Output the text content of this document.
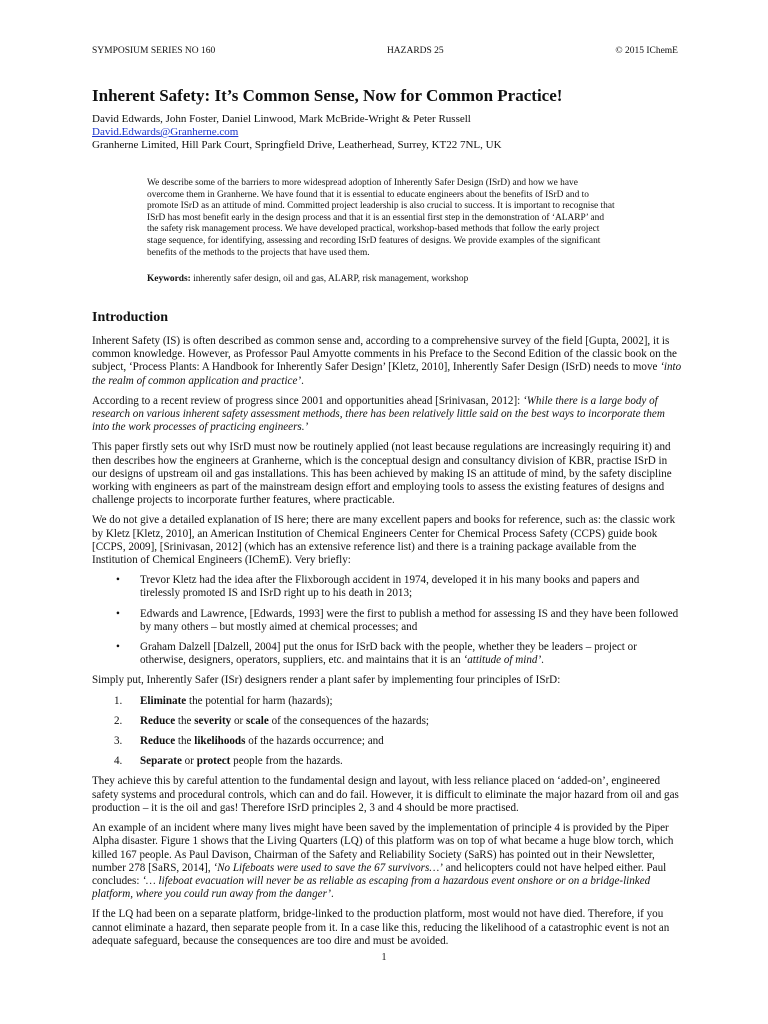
SYMPOSIUM SERIES NO 160	HAZARDS 25	© 2015 IChemE
Inherent Safety: It’s Common Sense, Now for Common Practice!
David Edwards, John Foster, Daniel Linwood, Mark McBride-Wright & Peter Russell
David.Edwards@Granherne.com
Granherne Limited, Hill Park Court, Springfield Drive, Leatherhead, Surrey, KT22 7NL, UK
We describe some of the barriers to more widespread adoption of Inherently Safer Design (ISrD) and how we have overcome them in Granherne. We have found that it is essential to educate engineers about the benefits of ISrD and to promote ISrD as an attitude of mind. Committed project leadership is also crucial to success. It is important to recognise that ISrD has most benefit early in the design process and that it is an essential first step in the demonstration of ‘ALARP’ and the safety risk management process. We have developed practical, workshop-based methods that follow the early project stage sequence, for identifying, assessing and recording ISrD features of designs. We provide examples of the significant benefits of the methods to the projects that have used them.
Keywords: inherently safer design, oil and gas, ALARP, risk management, workshop
Introduction

Inherent Safety (IS) is often described as common sense and, according to a comprehensive survey of the field [Gupta, 2002], it is common knowledge. However, as Professor Paul Amyotte comments in his Preface to the Second Edition of the classic book on the subject, ‘Process Plants: A Handbook for Inherently Safer Design’ [Kletz, 2010], Inherently Safer Design (ISrD) needs to move ‘into the realm of common application and practice’.

According to a recent review of progress since 2001 and opportunities ahead [Srinivasan, 2012]: ‘While there is a large body of research on various inherent safety assessment methods, there has been relatively little said on the best ways to incorporate them into the work processes of practicing engineers.’

This paper firstly sets out why ISrD must now be routinely applied (not least because regulations are increasingly requiring it) and then describes how the engineers at Granherne, which is the conceptual design and consultancy division of KBR, practise ISrD in our designs of upstream oil and gas installations. This has been achieved by making IS an attitude of mind, by the safety discipline working with engineers as part of the mainstream design effort and employing tools to assess the existing features of designs and challenge projects to incorporate further features, where practicable.

We do not give a detailed explanation of IS here; there are many excellent papers and books for reference, such as: the classic work by Kletz [Kletz, 2010], an American Institution of Chemical Engineers Center for Chemical Process Safety (CCPS) guide book [CCPS, 2009], [Srinivasan, 2012] (which has an extensive reference list) and there is a training package available from the Institution of Chemical Engineers (IChemE). Very briefly:

• Trevor Kletz had the idea after the Flixborough accident in 1974, developed it in his many books and papers and tirelessly promoted IS and ISrD right up to his death in 2013;
• Edwards and Lawrence, [Edwards, 1993] were the first to publish a method for assessing IS and they have been followed by many others – but mostly aimed at chemical processes; and
• Graham Dalzell [Dalzell, 2004] put the onus for ISrD back with the people, whether they be leaders – project or otherwise, designers, operators, suppliers, etc. and maintains that it is an ‘attitude of mind’.

Simply put, Inherently Safer (ISr) designers render a plant safer by implementing four principles of ISrD:

1. Eliminate the potential for harm (hazards);
2. Reduce the severity or scale of the consequences of the hazards;
3. Reduce the likelihoods of the hazards occurrence; and
4. Separate or protect people from the hazards.

They achieve this by careful attention to the fundamental design and layout, with less reliance placed on ‘added-on’, engineered safety systems and procedural controls, which can and do fail. However, it is difficult to eliminate the major hazard from oil and gas production – it is the oil and gas! Therefore ISrD principles 2, 3 and 4 should be more practised.

An example of an incident where many lives might have been saved by the implementation of principle 4 is provided by the Piper Alpha disaster. Figure 1 shows that the Living Quarters (LQ) of this platform was on top of what became a huge blow torch, which killed 167 people. As Paul Davison, Chairman of the Safety and Reliability Society (SaRS) has pointed out in their Newsletter, number 278 [SaRS, 2014], ‘No Lifeboats were used to save the 67 survivors…’ and helicopters could not have helped either. Paul concludes: ‘… lifeboat evacuation will never be as reliable as escaping from a hazardous event onshore or on a bridge-linked platform, where you could run away from the danger’.

If the LQ had been on a separate platform, bridge-linked to the production platform, most would not have died. Therefore, if you cannot eliminate a hazard, then separate people from it. In a case like this, reducing the likelihood of a catastrophic event is not an adequate safeguard, because the consequences are too dire and must be avoided.

1
